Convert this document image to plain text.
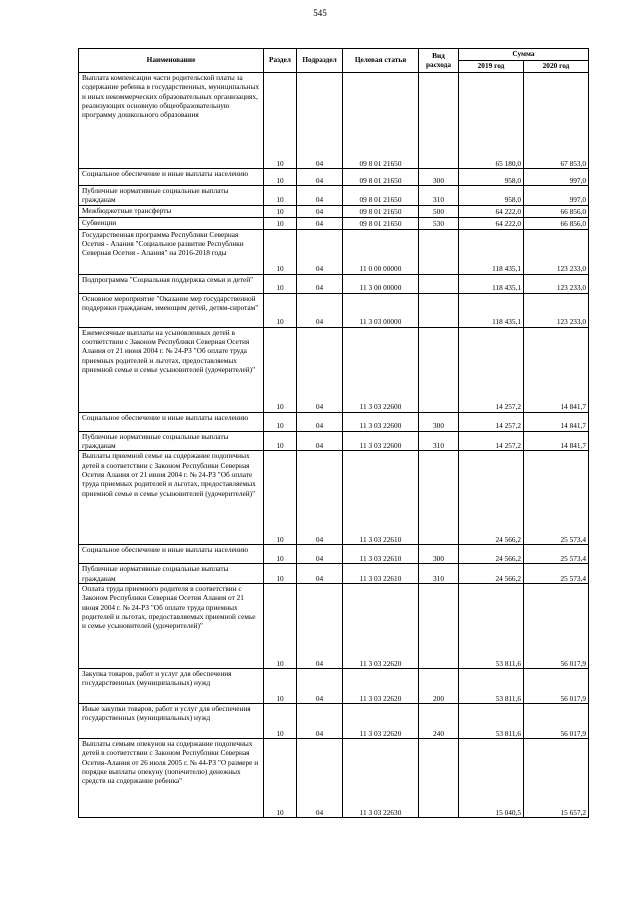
545
Наименование	Раздел	Подраздел	Целевая статья	Вид расхода	Сумма	
					2019 год	2020 год
Выплата компенсации части родительской платы за содержание ребенка в государственных, муниципальных и иных некоммерческих образовательных организациях, реализующих основную общеобразовательную программу дошкольного образования	10	04	09 8 01 21650		65 180,0	67 853,0
Социальное обеспечение и иные выплаты населению	10	04	09 8 01 21650	300	958,0	997,0
Публичные нормативные социальные выплаты гражданам	10	04	09 8 01 21650	310	958,0	997,0
Межбюджетные трансферты	10	04	09 8 01 21650	500	64 222,0	66 856,0
Субвенции	10	04	09 8 01 21650	530	64 222,0	66 856,0
Государственная программа Республики Северная Осетия - Алания "Социальное развитие Республики Северная Осетия - Алания" на 2016-2018 годы	10	04	11 0 00 00000		118 435,1	123 233,0
Подпрограмма "Социальная поддержка семьи и детей"	10	04	11 3 00 00000		118 435,1	123 233,0
Основное мероприятие "Оказание мер государственной поддержки гражданам, имеющим детей, детям-сиротам"	10	04	11 3 03 00000		118 435,1	123 233,0
Ежемесячные выплаты на усыновленных детей в соответствии с Законом Республики Северная Осетия Алания от 21 июня 2004 г. № 24-РЗ "Об оплате труда приемных родителей и льготах, предоставляемых приемной семье и семье усыновителей (удочерителей)"	10	04	11 3 03 22600		14 257,2	14 841,7
Социальное обеспечение и иные выплаты населению	10	04	11 3 03 22600	300	14 257,2	14 841,7
Публичные нормативные социальные выплаты гражданам	10	04	11 3 03 22600	310	14 257,2	14 841,7
Выплаты приемной семье на содержание подопечных детей в соответствии с Законом Республики Северная Осетия Алания от 21 июня 2004 г. № 24-РЗ "Об оплате труда приемных родителей и льготах, предоставляемых приемной семье и семье усыновителей (удочерителей)"	10	04	11 3 03 22610		24 566,2	25 573,4
Социальное обеспечение и иные выплаты населению	10	04	11 3 03 22610	300	24 566,2	25 573,4
Публичные нормативные социальные выплаты гражданам	10	04	11 3 03 22610	310	24 566,2	25 573,4
Оплата труда приемного родителя в соответствии с Законом Республики Северная Осетия Алания от 21 июня 2004 г. № 24-РЗ "Об оплате труда приемных родителей и льготах, предоставляемых приемной семье и семье усыновителей (удочерителей)"	10	04	11 3 03 22620		53 811,6	56 017,9
Закупка товаров, работ и услуг для обеспечения государственных (муниципальных) нужд	10	04	11 3 03 22620	200	53 811,6	56 017,9
Иные закупки товаров, работ и услуг для обеспечения государственных (муниципальных) нужд	10	04	11 3 03 22620	240	53 811,6	56 017,9
Выплаты семьям опекунов на содержание подопечных детей в соответствии с Законом Республики Северная Осетия-Алания от 26 июля 2005 г. № 44-РЗ "О размере и порядке выплаты опекуну (попечителю) денежных средств на содержание ребенка"	10	04	11 3 03 22630		15 040,5	15 657,2
